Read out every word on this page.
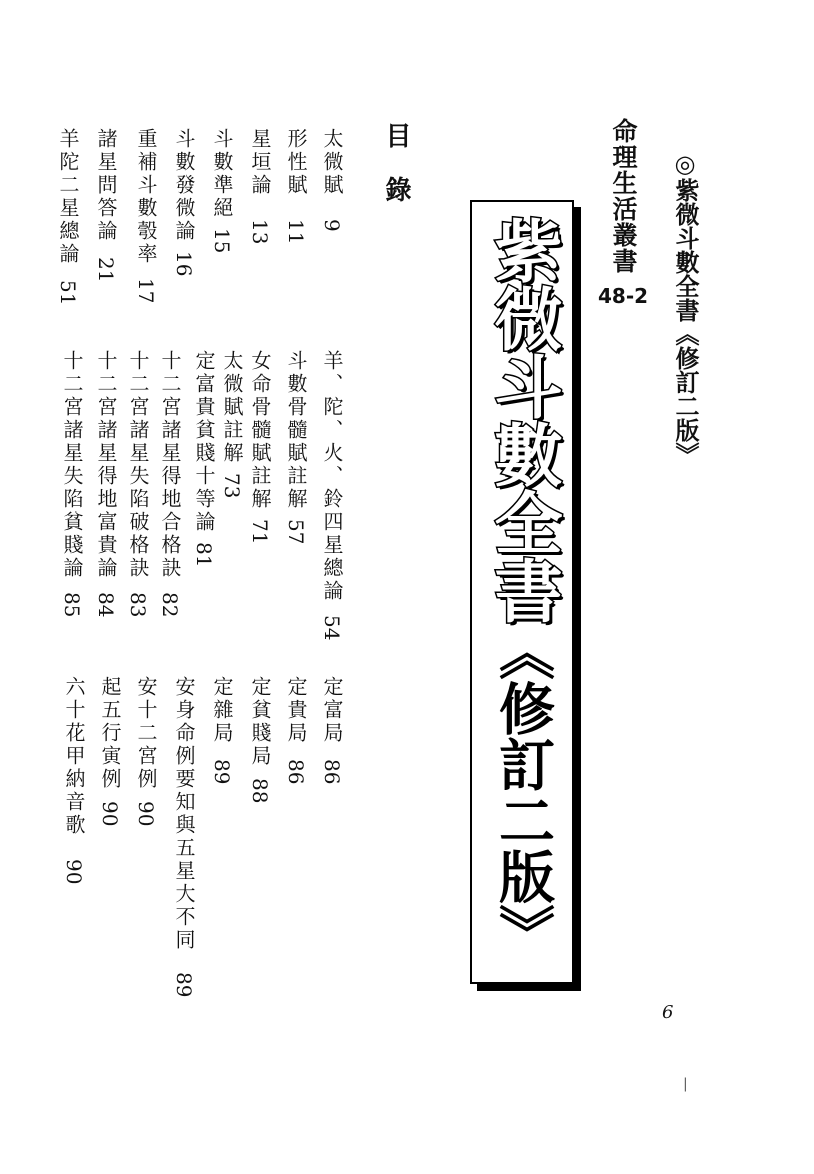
◎紫微斗數全書《修訂二版》
命理生活叢書
48-2
紫微斗數全書《修訂二版》
目錄
太微賦9
形性賦11
星垣論13
斗數準絕15
斗數發微論16
重補斗數彀率17
諸星問答論21
羊陀二星總論51
羊、陀、火、鈴四星總論54
斗數骨髓賦註解57
女命骨髓賦註解71
太微賦註解73
定富貴貧賤十等論81
十二宮諸星得地合格訣82
十二宮諸星失陷破格訣83
十二宮諸星得地富貴論84
十二宮諸星失陷貧賤論85
定富局86
定貴局86
定貧賤局88
定雜局89
安身命例要知與五星大不同89
安十二宮例90
起五行寅例90
六十花甲納音歌90
6
|
